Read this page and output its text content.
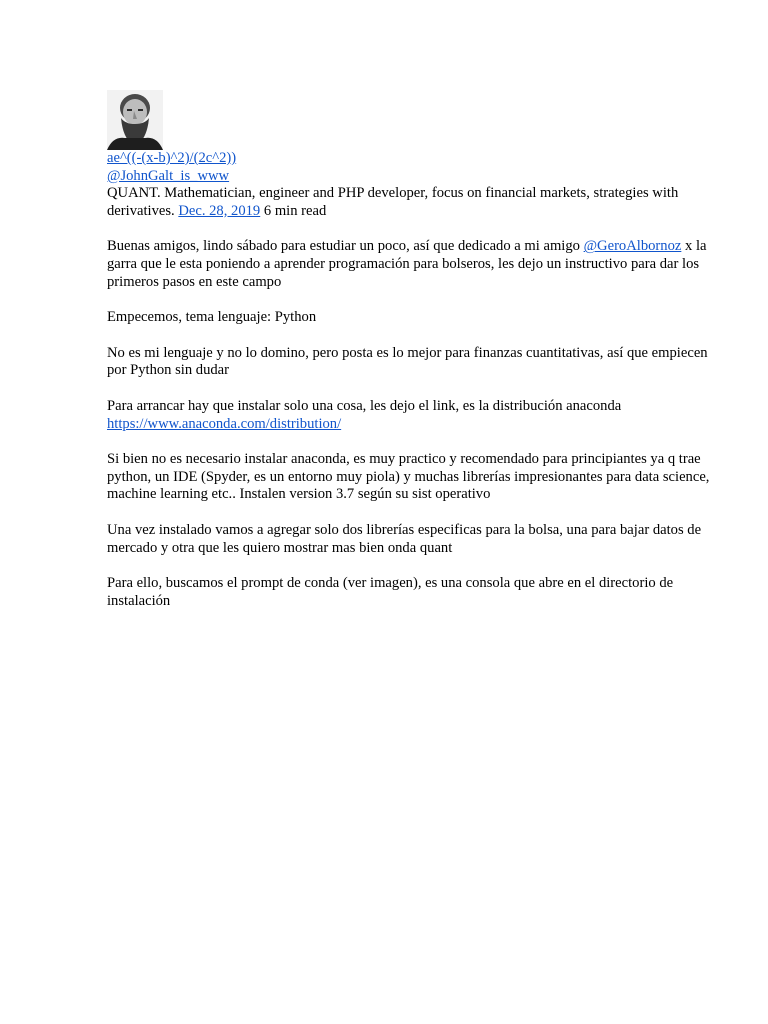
ae^((-(x-b)^2)/(2c^2))
@JohnGalt_is_www

QUANT. Mathematician, engineer and PHP developer, focus on financial markets, strategies with derivatives. Dec. 28, 2019 6 min read

Buenas amigos, lindo sábado para estudiar un poco, así que dedicado a mi amigo @GeroAlbornoz x la garra que le esta poniendo a aprender programación para bolseros, les dejo un instructivo para dar los primeros pasos en este campo

Empecemos, tema lenguaje: Python

No es mi lenguaje y no lo domino, pero posta es lo mejor para finanzas cuantitativas, así que empiecen por Python sin dudar

Para arrancar hay que instalar solo una cosa, les dejo el link, es la distribución anaconda
https://www.anaconda.com/distribution/

Si bien no es necesario instalar anaconda, es muy practico y recomendado para principiantes ya q trae python, un IDE (Spyder, es un entorno muy piola) y muchas librerías impresionantes para data science, machine learning etc.. Instalen version 3.7 según su sist operativo

Una vez instalado vamos a agregar solo dos librerías especificas para la bolsa, una para bajar datos de mercado y otra que les quiero mostrar mas bien onda quant

Para ello, buscamos el prompt de conda (ver imagen), es una consola que abre en el directorio de instalación
